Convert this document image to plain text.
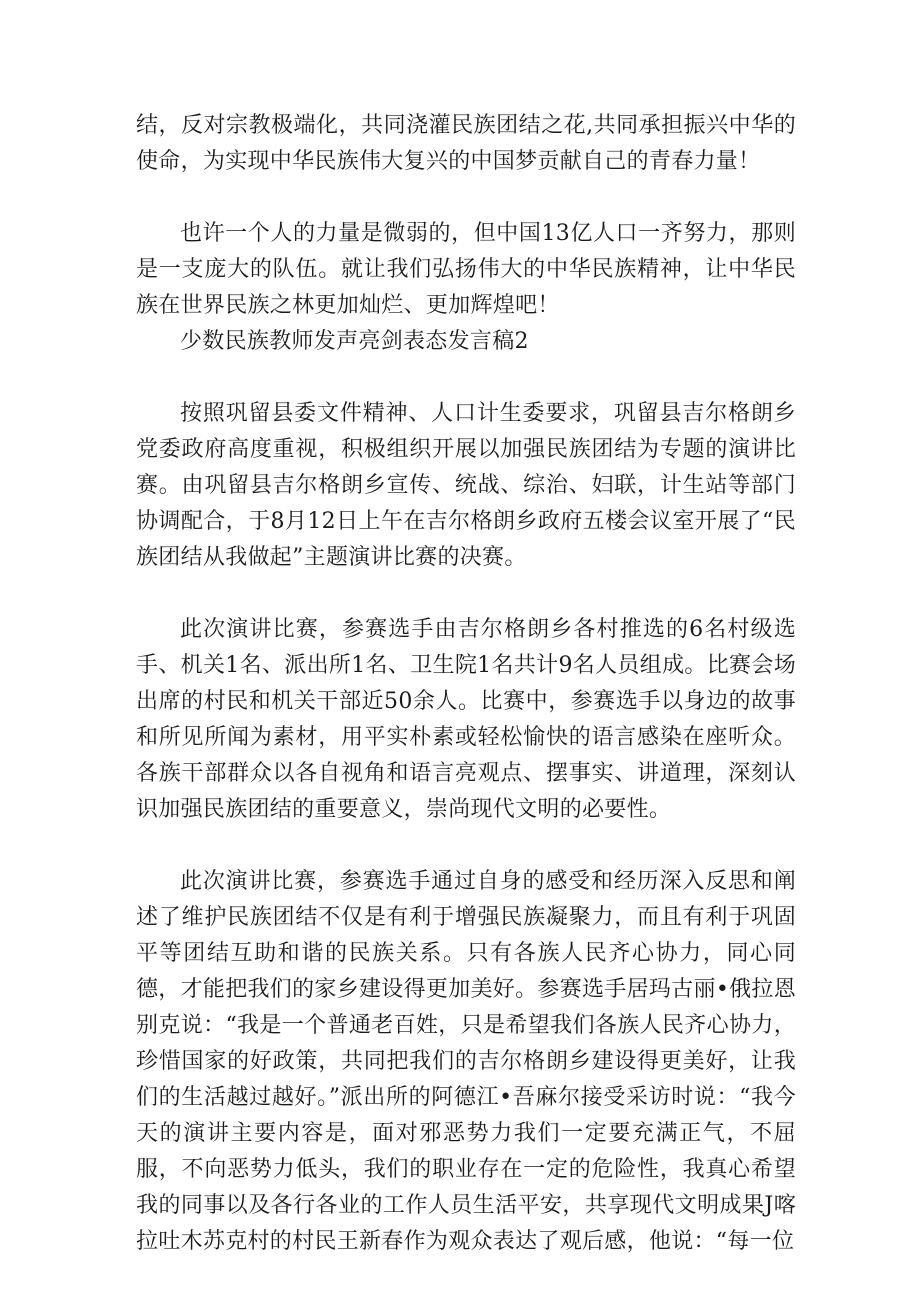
结，反对宗教极端化，共同浇灌民族团结之花,共同承担振兴中华的使命，为实现中华民族伟大复兴的中国梦贡献自己的青春力量！

也许一个人的力量是微弱的，但中国13亿人口一齐努力，那则是一支庞大的队伍。就让我们弘扬伟大的中华民族精神，让中华民族在世界民族之林更加灿烂、更加辉煌吧！

少数民族教师发声亮剑表态发言稿2

按照巩留县委文件精神、人口计生委要求，巩留县吉尔格朗乡党委政府高度重视，积极组织开展以加强民族团结为专题的演讲比赛。由巩留县吉尔格朗乡宣传、统战、综治、妇联，计生站等部门协调配合，于8月12日上午在吉尔格朗乡政府五楼会议室开展了“民族团结从我做起”主题演讲比赛的决赛。

此次演讲比赛，参赛选手由吉尔格朗乡各村推选的6名村级选手、机关1名、派出所1名、卫生院1名共计9名人员组成。比赛会场出席的村民和机关干部近50余人。比赛中，参赛选手以身边的故事和所见所闻为素材，用平实朴素或轻松愉快的语言感染在座听众。各族干部群众以各自视角和语言亮观点、摆事实、讲道理，深刻认识加强民族团结的重要意义，崇尚现代文明的必要性。

此次演讲比赛，参赛选手通过自身的感受和经历深入反思和阐述了维护民族团结不仅是有利于增强民族凝聚力，而且有利于巩固平等团结互助和谐的民族关系。只有各族人民齐心协力，同心同德，才能把我们的家乡建设得更加美好。参赛选手居玛古丽•俄拉恩别克说：“我是一个普通老百姓，只是希望我们各族人民齐心协力，珍惜国家的好政策，共同把我们的吉尔格朗乡建设得更美好，让我们的生活越过越好。”派出所的阿德江•吾麻尔接受采访时说：“我今天的演讲主要内容是，面对邪恶势力我们一定要充满正气，不屈服，不向恶势力低头，我们的职业存在一定的危险性，我真心希望我的同事以及各行各业的工作人员生活平安，共享现代文明成果J喀拉吐木苏克村的村民王新春作为观众表达了观后感，他说：“每一位
